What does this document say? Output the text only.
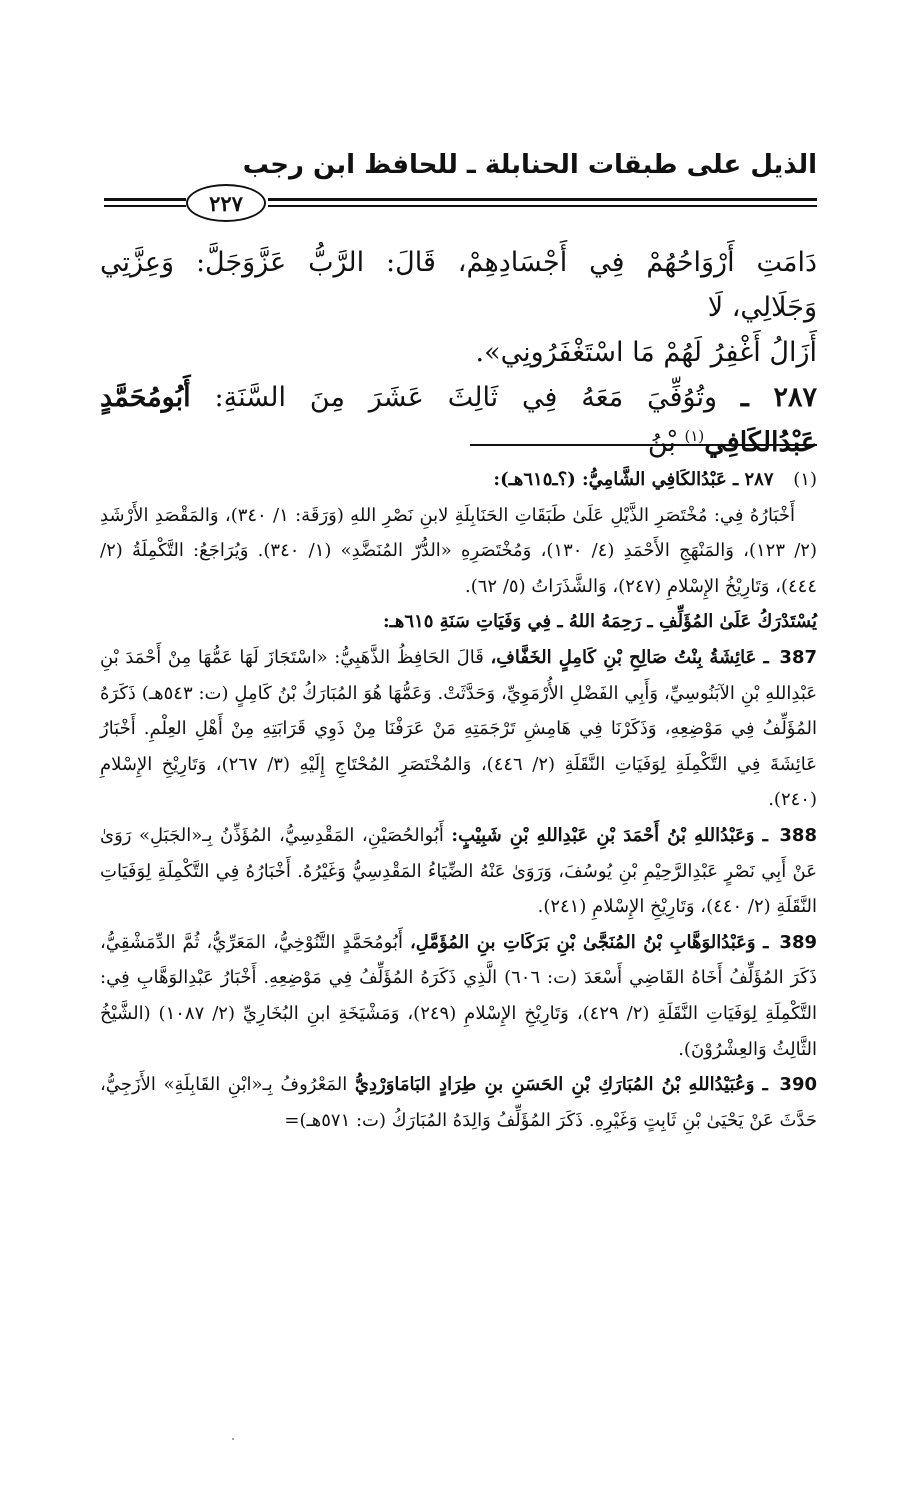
الذيل على طبقات الحنابلة ـ للحافظ ابن رجب
٢٢٧

دَامَتِ أَرْوَاحُهُمْ فِي أَجْسَادِهِمْ، قَالَ: الرَّبُّ عَزَّوَجَلَّ: وَعِزَّتِي وَجَلَالِي، لَا

أَزَالُ أَغْفِرُ لَهُمْ مَا اسْتَغْفَرُونِي».

٢٨٧ ـ وتُوُفِّيَ مَعَهُ فِي ثَالِثَ عَشَرَ مِنَ السَّنَةِ: أَبُومُحَمَّدٍ عَبْدُالكَافِي$^{(١)}$ بْنُ

(١) ٢٨٧ ـ عَبْدُالكَافِي الشَّامِيُّ: (؟ـ٦١٥هـ):

أَخْبَارُهُ فِي: مُخْتَصَرِ الذَّيْلِ عَلَىٰ طَبَقَاتِ الحَنَابِلَةِ لابنِ نَصْرِ اللهِ (وَرَقَة: ١/ ٣٤٠)، وَالمَقْصَدِ الأَرْشَدِ (٢/ ١٢٣)، وَالمَنْهَجِ الأَحْمَدِ (٤/ ١٣٠)، وَمُخْتَصَرِهِ «الدُّرّ المُنَضَّدِ» (١/ ٣٤٠). وَيُرَاجَعُ: التَّكْمِلَةُ (٢/ ٤٤٤)، وَتَارِيْخُ الإِسْلامِ (٢٤٧)، وَالشَّذَرَاتُ (٥/ ٦٢).

يُسْتَدْرَكُ عَلَىٰ المُؤَلِّفِ ـ رَحِمَهُ اللهُ ـ فِي وَفَيَاتِ سَنَةِ ٦١٥هـ:

387 ـ عَائِشَةُ بِنْتُ صَالِحِ بْنِ كَامِلٍ الخَفَّافِ، قَالَ الحَافِظُ الذَّهَبِيُّ: «اسْتَجَازَ لَهَا عَمُّهَا مِنْ أَحْمَدَ بْنِ عَبْدِاللهِ بْنِ الآبَنُوسِيِّ، وَأَبِي الفَضْلِ الأُرْمَوِيِّ، وَحَدَّثَتْ. وَعَمُّهَا هُوَ المُبَارَكُ بْنُ كَامِلٍ (ت: ٥٤٣هـ) ذَكَرَهُ المُؤَلِّفُ فِي مَوْضِعِهِ، وَذَكَرْنَا فِي هَامِشِ تَرْجَمَتِهِ مَنْ عَرَفْنَا مِنْ ذَوِي قَرَابَتِهِ مِنْ أَهْلِ العِلْمِ. أَخْبَارُ عَائِشَةَ فِي التَّكْمِلَةِ لِوَفَيَاتِ النَّقَلَةِ (٢/ ٤٤٦)، وَالمُخْتَصَرِ المُحْتَاجِ إِلَيْهِ (٣/ ٢٦٧)، وَتَارِيْخِ الإِسْلامِ (٢٤٠).

388 ـ وَعَبْدُاللهِ بْنُ أَحْمَدَ بْنِ عَبْدِاللهِ بْنِ شَبِيْبٍ: أَبُوالحُصَيْنِ، المَقْدِسِيُّ، المُؤَذِّنُ بِـ«الجَبَلِ» رَوَىٰ عَنْ أَبِي نَصْرٍ عَبْدِالرَّحِيْمِ بْنِ يُوسُفَ، وَرَوَىٰ عَنْهُ الضِّيَاءُ المَقْدِسِيُّ وَغَيْرُهُ. أَخْبَارُهُ فِي التَّكْمِلَةِ لِوَفَيَاتِ النَّقَلَةِ (٢/ ٤٤٠)، وَتَارِيْخِ الإِسْلامِ (٢٤١).

389 ـ وَعَبْدُالوَهَّابِ بْنُ المُنَجَّىٰ بْنِ بَرَكَاتِ بنِ المُؤَمَّلِ، أَبُومُحَمَّدٍ التَّنُوْخِيُّ، المَعَرِّيُّ، ثُمَّ الدِّمَشْقِيُّ، ذَكَرَ المُؤَلِّفُ أَخَاهُ القَاضِي أَسْعَدَ (ت: ٦٠٦) الَّذِي ذَكَرَهُ المُؤَلِّفُ فِي مَوْضِعِهِ. أَخْبَارُ عَبْدِالوَهَّابِ فِي: التَّكْمِلَةِ لِوَفَيَاتِ النَّقَلَةِ (٢/ ٤٢٩)، وَتَارِيْخِ الإِسْلامِ (٢٤٩)، وَمَشْيَخَةِ ابنِ البُخَارِيِّ (٢/ ١٠٨٧) (الشَّيْخُ الثَّالِثُ وَالعِشْرُوْنَ).

390 ـ وَعُبَيْدُاللهِ بْنُ المُبَارَكِ بْنِ الحَسَنِ بنِ طِرَادٍ البَامَاوَرْدِيُّ المَعْرُوفُ بِـ«ابْنِ القَابِلَةِ» الأَزَجِيُّ، حَدَّثَ عَنْ يَحْيَىٰ بْنِ ثَابِتٍ وَغَيْرِهِ. ذَكَرَ المُؤَلِّفُ وَالِدَهُ المُبَارَكُ (ت: ٥٧١هـ)=
